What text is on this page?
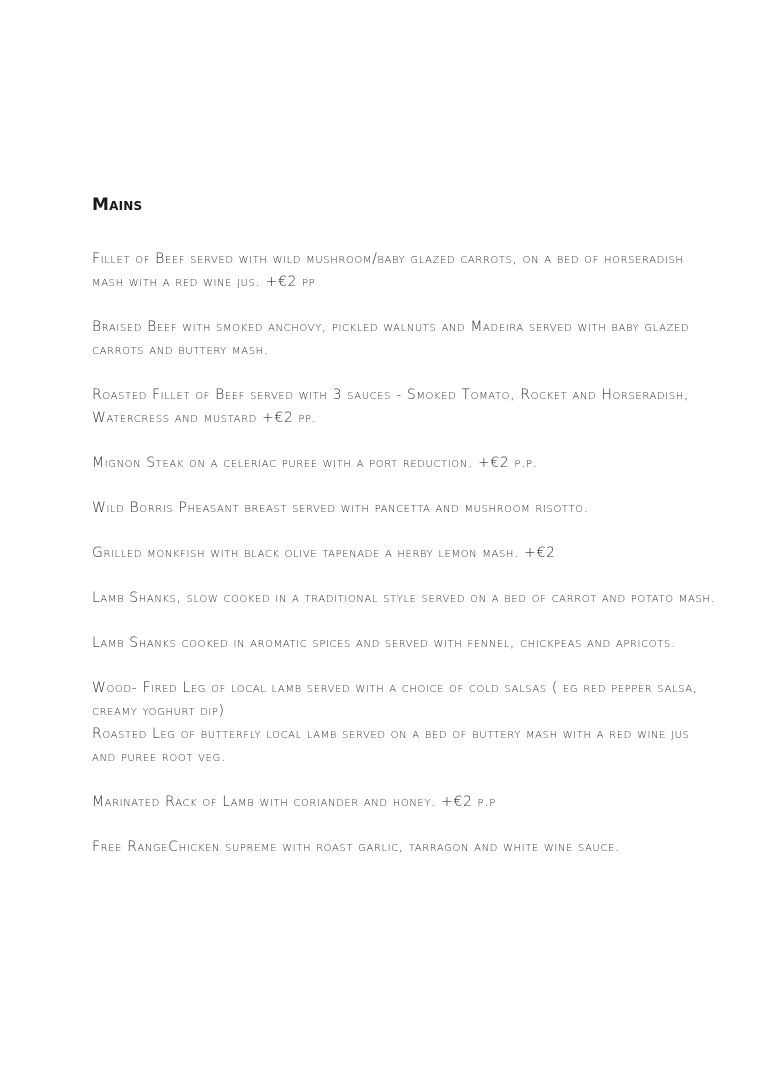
Mains
Fillet of Beef served with wild mushroom/baby glazed carrots, on a bed of horseradish mash with a red wine jus. +€2 pp
Braised Beef with smoked anchovy, pickled walnuts and Madeira served with baby glazed carrots and buttery mash.
Roasted Fillet of Beef served with 3 sauces - Smoked Tomato, Rocket and Horseradish, Watercress and mustard +€2 pp.
Mignon Steak on a celeriac puree with a port reduction. +€2 p.p.
Wild Borris Pheasant breast served with pancetta and mushroom risotto.
Grilled monkfish with black olive tapenade a herby lemon mash. +€2
Lamb Shanks, slow cooked in a traditional style served on a bed of carrot and potato mash.
Lamb Shanks cooked in aromatic spices and served with fennel, chickpeas and apricots.
Wood- Fired Leg of local lamb served with a choice of cold salsas ( eg red pepper salsa, creamy yoghurt dip)
Roasted Leg of butterfly local lamb served on a bed of buttery mash with a red wine jus and puree root veg.
Marinated Rack of Lamb with coriander and honey. +€2 p.p
Free RangeChicken supreme with roast garlic, tarragon and white wine sauce.
